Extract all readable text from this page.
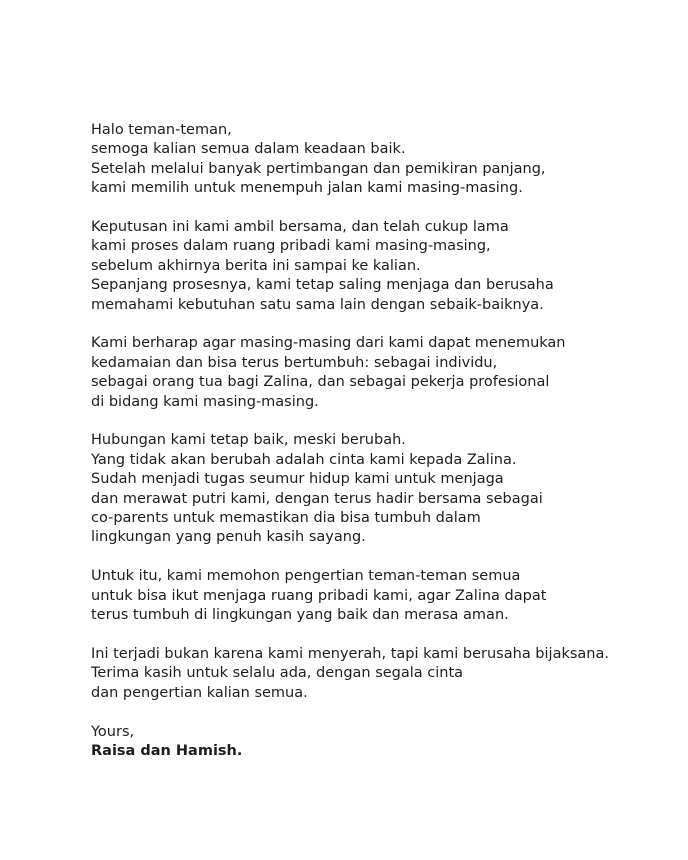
Halo teman-teman,
semoga kalian semua dalam keadaan baik.
Setelah melalui banyak pertimbangan dan pemikiran panjang,
kami memilih untuk menempuh jalan kami masing-masing.

Keputusan ini kami ambil bersama, dan telah cukup lama
kami proses dalam ruang pribadi kami masing-masing,
sebelum akhirnya berita ini sampai ke kalian.
Sepanjang prosesnya, kami tetap saling menjaga dan berusaha
memahami kebutuhan satu sama lain dengan sebaik-baiknya.

Kami berharap agar masing-masing dari kami dapat menemukan
kedamaian dan bisa terus bertumbuh: sebagai individu,
sebagai orang tua bagi Zalina, dan sebagai pekerja profesional
di bidang kami masing-masing.

Hubungan kami tetap baik, meski berubah.
Yang tidak akan berubah adalah cinta kami kepada Zalina.
Sudah menjadi tugas seumur hidup kami untuk menjaga
dan merawat putri kami, dengan terus hadir bersama sebagai
co-parents untuk memastikan dia bisa tumbuh dalam
lingkungan yang penuh kasih sayang.

Untuk itu, kami memohon pengertian teman-teman semua
untuk bisa ikut menjaga ruang pribadi kami, agar Zalina dapat
terus tumbuh di lingkungan yang baik dan merasa aman.

Ini terjadi bukan karena kami menyerah, tapi kami berusaha bijaksana.
Terima kasih untuk selalu ada, dengan segala cinta
dan pengertian kalian semua.

Yours,
Raisa dan Hamish.
